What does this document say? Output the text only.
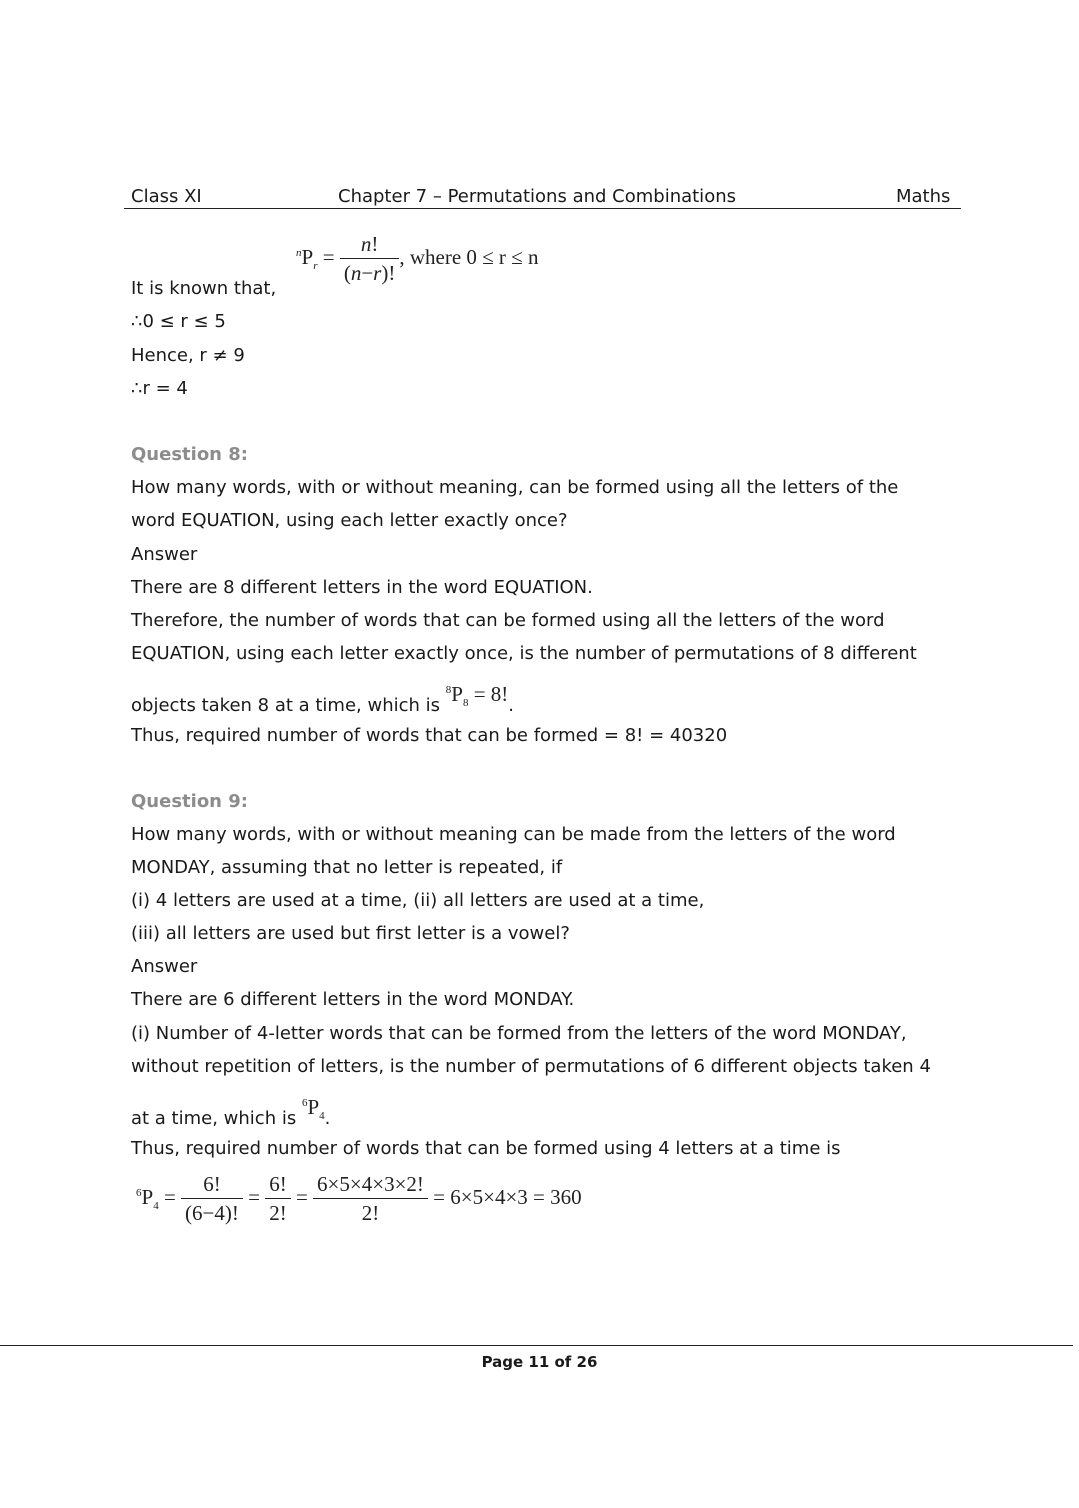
Class XI	Chapter 7 – Permutations and Combinations	Maths
$^nP_r = \frac{n!}{(n-r)!}$ , where 0 ≤ r ≤ n
It is known that,
∴0 ≤ r ≤ 5
Hence, r ≠ 9
∴r = 4
Question 8:
How many words, with or without meaning, can be formed using all the letters of the
word EQUATION, using each letter exactly once?
Answer
There are 8 different letters in the word EQUATION.
Therefore, the number of words that can be formed using all the letters of the word
EQUATION, using each letter exactly once, is the number of permutations of 8 different
objects taken 8 at a time, which is $^8P_8 = 8$!.
Thus, required number of words that can be formed = 8! = 40320
Question 9:
How many words, with or without meaning can be made from the letters of the word
MONDAY, assuming that no letter is repeated, if
(i) 4 letters are used at a time, (ii) all letters are used at a time,
(iii) all letters are used but first letter is a vowel?
Answer
There are 6 different letters in the word MONDAY.
(i) Number of 4-letter words that can be formed from the letters of the word MONDAY,
without repetition of letters, is the number of permutations of 6 different objects taken 4
at a time, which is $^6P_4$.
Thus, required number of words that can be formed using 4 letters at a time is
$^6P_4 = \frac{6!}{(6-4)!} = \frac{6!}{2!} = \frac{6\times 5\times 4\times 3\times 2!}{2!} = 6\times 5\times 4\times 3 = 360$
Page 11 of 26
